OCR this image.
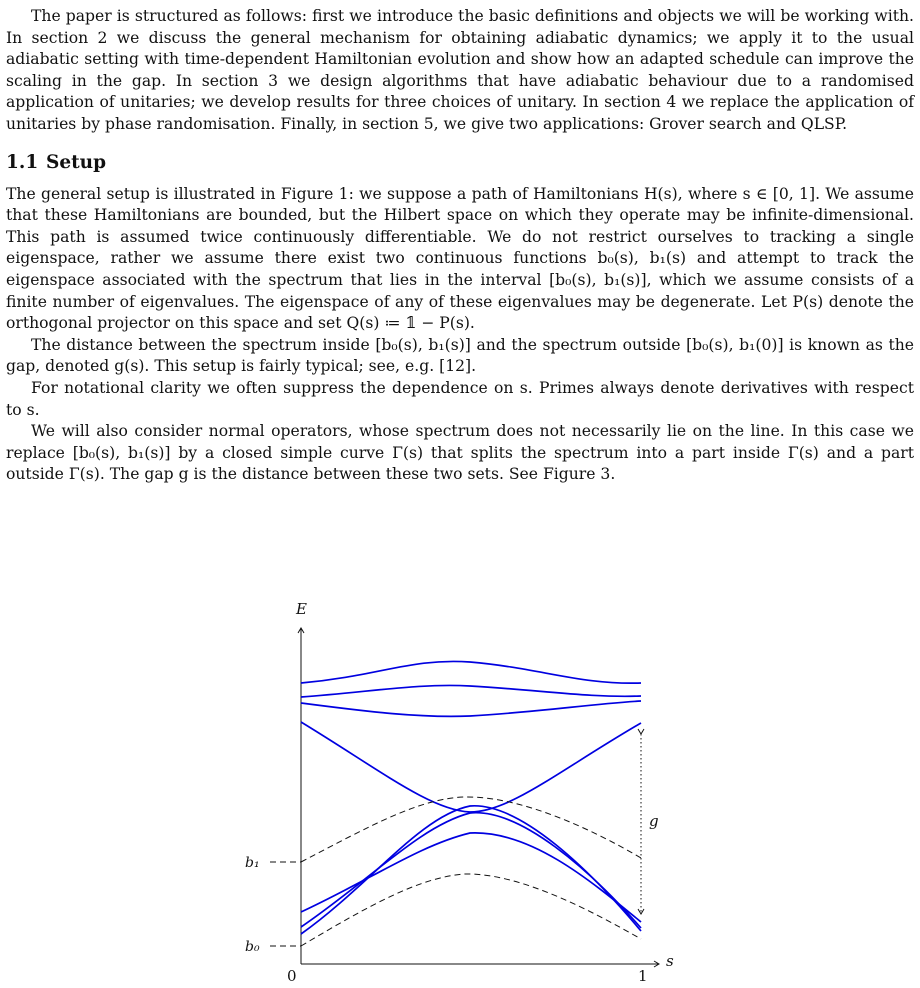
The paper is structured as follows: first we introduce the basic definitions and objects we will be working with. In section 2 we discuss the general mechanism for obtaining adiabatic dynamics; we apply it to the usual adiabatic setting with time-dependent Hamiltonian evolution and show how an adapted schedule can improve the scaling in the gap. In section 3 we design algorithms that have adiabatic behaviour due to a randomised application of unitaries; we develop results for three choices of unitary. In section 4 we replace the application of unitaries by phase randomisation. Finally, in section 5, we give two applications: Grover search and QLSP.

1.1 Setup

The general setup is illustrated in Figure 1: we suppose a path of Hamiltonians H(s), where s ∈ [0, 1]. We assume that these Hamiltonians are bounded, but the Hilbert space on which they operate may be infinite-dimensional. This path is assumed twice continuously differentiable. We do not restrict ourselves to tracking a single eigenspace, rather we assume there exist two continuous functions b₀(s), b₁(s) and attempt to track the eigenspace associated with the spectrum that lies in the interval [b₀(s), b₁(s)], which we assume consists of a finite number of eigenvalues. The eigenspace of any of these eigenvalues may be degenerate. Let P(s) denote the orthogonal projector on this space and set Q(s) ≔ 𝟙 − P(s).

The distance between the spectrum inside [b₀(s), b₁(s)] and the spectrum outside [b₀(s), b₁(0)] is known as the gap, denoted g(s). This setup is fairly typical; see, e.g. [12].

For notational clarity we often suppress the dependence on s. Primes always denote derivatives with respect to s.

We will also consider normal operators, whose spectrum does not necessarily lie on the line. In this case we replace [b₀(s), b₁(s)] by a closed simple curve Γ(s) that splits the spectrum into a part inside Γ(s) and a part outside Γ(s). The gap g is the distance between these two sets. See Figure 3.

E
s
0	1
b₁
b₀
g
